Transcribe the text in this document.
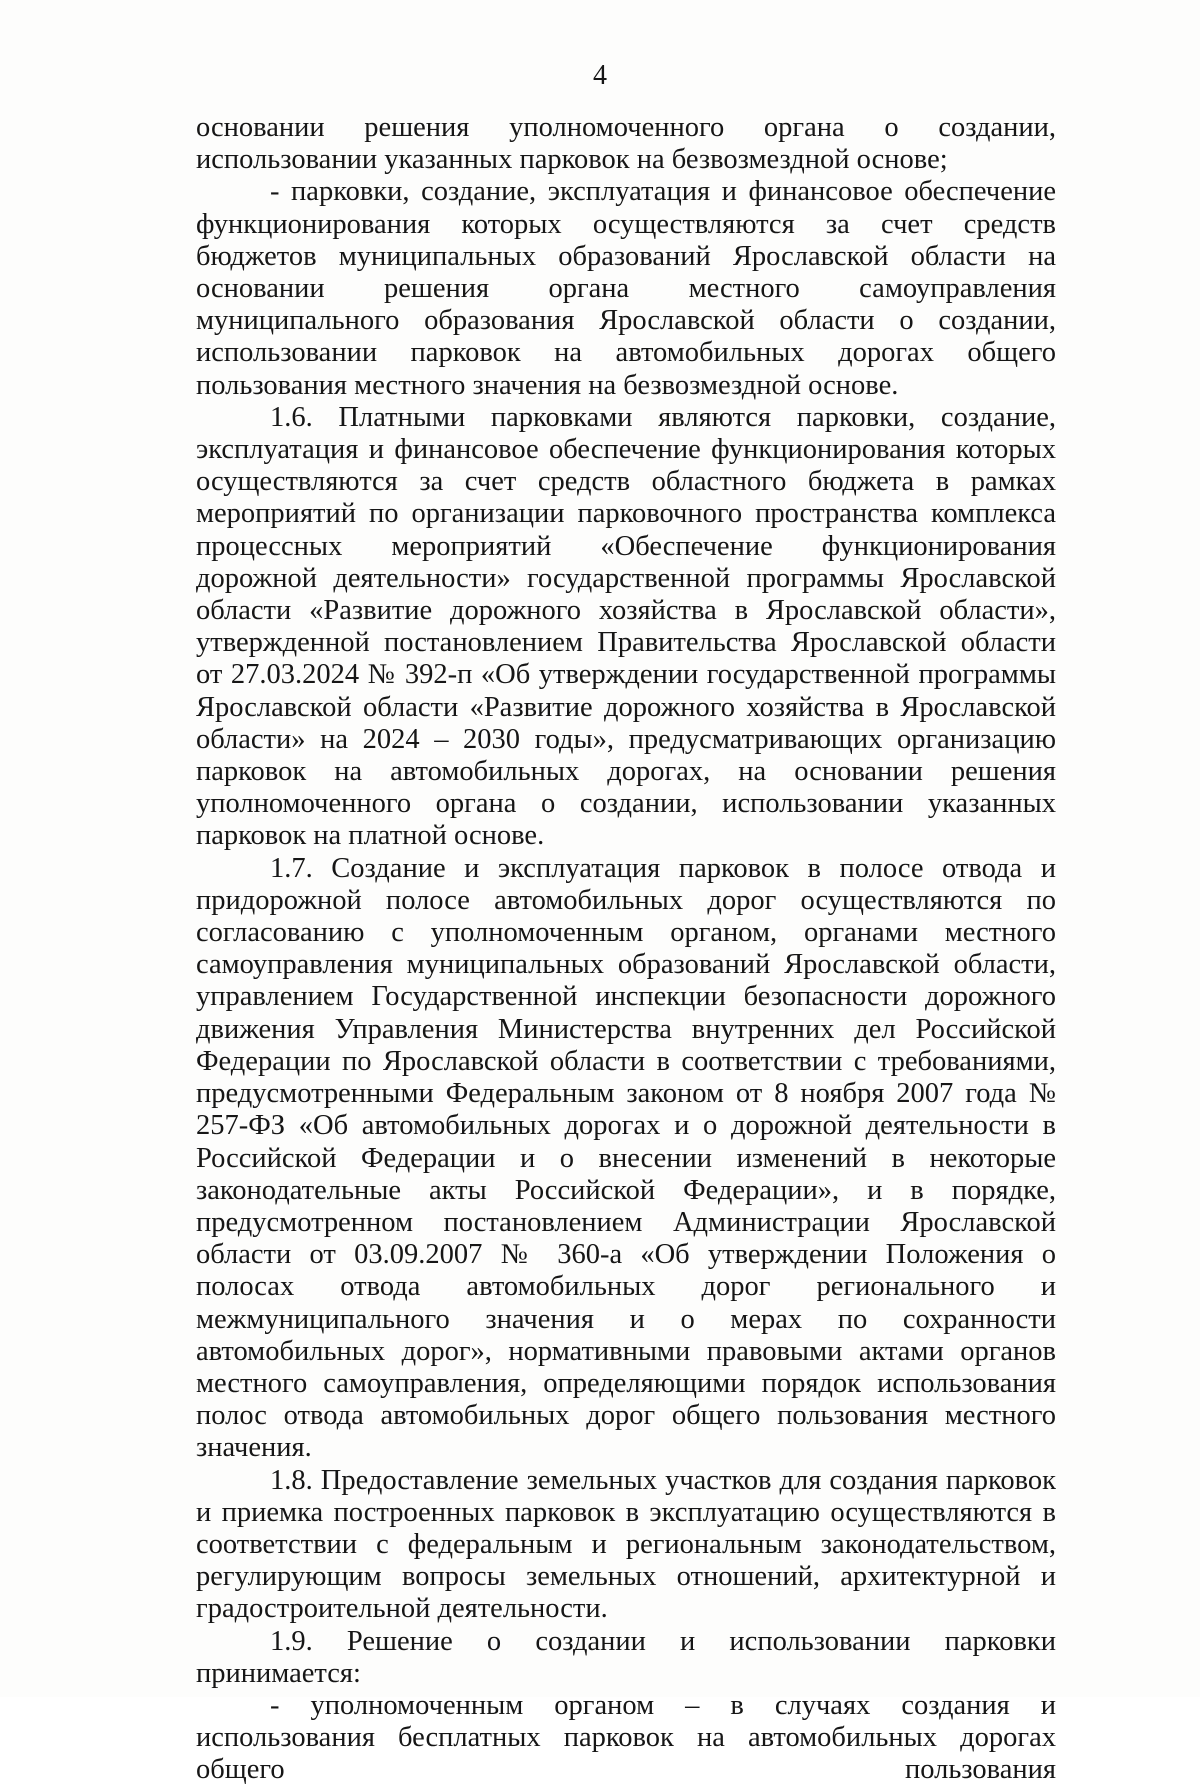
4

основании решения уполномоченного органа о создании, использовании указанных парковок на безвозмездной основе;

- парковки, создание, эксплуатация и финансовое обеспечение функционирования которых осуществляются за счет средств бюджетов муниципальных образований Ярославской области на основании решения органа местного самоуправления муниципального образования Ярославской области о создании, использовании парковок на автомобильных дорогах общего пользования местного значения на безвозмездной основе.

1.6. Платными парковками являются парковки, создание, эксплуатация и финансовое обеспечение функционирования которых осуществляются за счет средств областного бюджета в рамках мероприятий по организации парковочного пространства комплекса процессных мероприятий «Обеспечение функционирования дорожной деятельности» государственной программы Ярославской области «Развитие дорожного хозяйства в Ярославской области», утвержденной постановлением Правительства Ярославской области от 27.03.2024 № 392-п «Об утверждении государственной программы Ярославской области «Развитие дорожного хозяйства в Ярославской области» на 2024 – 2030 годы», предусматривающих организацию парковок на автомобильных дорогах, на основании решения уполномоченного органа о создании, использовании указанных парковок на платной основе.

1.7. Создание и эксплуатация парковок в полосе отвода и придорожной полосе автомобильных дорог осуществляются по согласованию с уполномоченным органом, органами местного самоуправления муниципальных образований Ярославской области, управлением Государственной инспекции безопасности дорожного движения Управления Министерства внутренних дел Российской Федерации по Ярославской области в соответствии с требованиями, предусмотренными Федеральным законом от 8 ноября 2007 года № 257-ФЗ «Об автомобильных дорогах и о дорожной деятельности в Российской Федерации и о внесении изменений в некоторые законодательные акты Российской Федерации», и в порядке, предусмотренном постановлением Администрации Ярославской области от 03.09.2007 № 360-а «Об утверждении Положения о полосах отвода автомобильных дорог регионального и межмуниципального значения и о мерах по сохранности автомобильных дорог», нормативными правовыми актами органов местного самоуправления, определяющими порядок использования полос отвода автомобильных дорог общего пользования местного значения.

1.8. Предоставление земельных участков для создания парковок и приемка построенных парковок в эксплуатацию осуществляются в соответствии с федеральным и региональным законодательством, регулирующим вопросы земельных отношений, архитектурной и градостроительной деятельности.

1.9. Решение о создании и использовании парковки принимается:

- уполномоченным органом – в случаях создания и использования бесплатных парковок на автомобильных дорогах общего пользования
